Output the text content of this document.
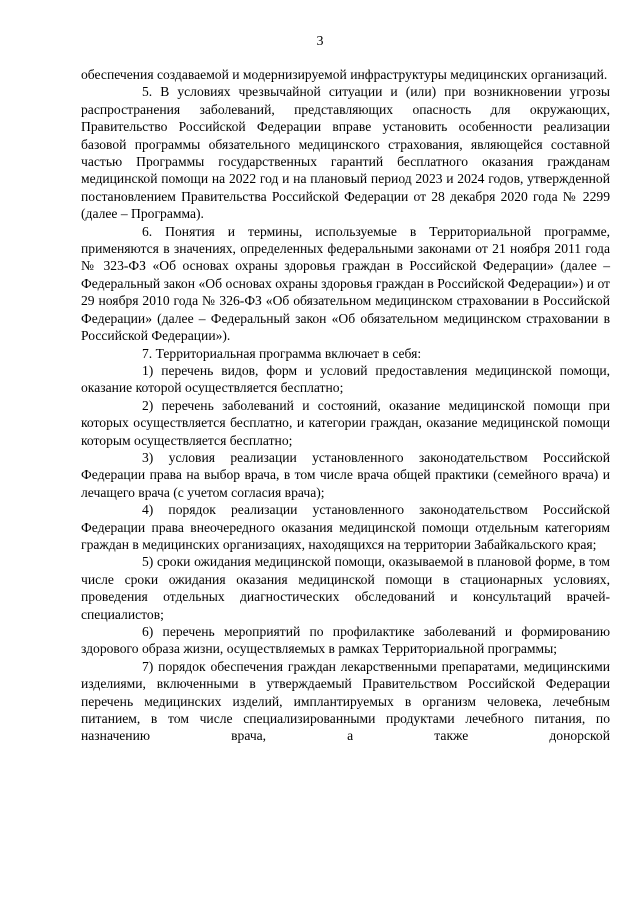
3

обеспечения создаваемой и модернизируемой инфраструктуры медицинских организаций.

5. В условиях чрезвычайной ситуации и (или) при возникновении угрозы распространения заболеваний, представляющих опасность для окружающих, Правительство Российской Федерации вправе установить особенности реализации базовой программы обязательного медицинского страхования, являющейся составной частью Программы государственных гарантий бесплатного оказания гражданам медицинской помощи на 2022 год и на плановый период 2023 и 2024 годов, утвержденной постановлением Правительства Российской Федерации от 28 декабря 2020 года № 2299 (далее – Программа).

6. Понятия и термины, используемые в Территориальной программе, применяются в значениях, определенных федеральными законами от 21 ноября 2011 года № 323-ФЗ «Об основах охраны здоровья граждан в Российской Федерации» (далее – Федеральный закон «Об основах охраны здоровья граждан в Российской Федерации») и от 29 ноября 2010 года № 326-ФЗ «Об обязательном медицинском страховании в Российской Федерации» (далее – Федеральный закон «Об обязательном медицинском страховании в Российской Федерации»).

7. Территориальная программа включает в себя:

1) перечень видов, форм и условий предоставления медицинской помощи, оказание которой осуществляется бесплатно;

2) перечень заболеваний и состояний, оказание медицинской помощи при которых осуществляется бесплатно, и категории граждан, оказание медицинской помощи которым осуществляется бесплатно;

3) условия реализации установленного законодательством Российской Федерации права на выбор врача, в том числе врача общей практики (семейного врача) и лечащего врача (с учетом согласия врача);

4) порядок реализации установленного законодательством Российской Федерации права внеочередного оказания медицинской помощи отдельным категориям граждан в медицинских организациях, находящихся на территории Забайкальского края;

5) сроки ожидания медицинской помощи, оказываемой в плановой форме, в том числе сроки ожидания оказания медицинской помощи в стационарных условиях, проведения отдельных диагностических обследований и консультаций врачей-специалистов;

6) перечень мероприятий по профилактике заболеваний и формированию здорового образа жизни, осуществляемых в рамках Территориальной программы;

7) порядок обеспечения граждан лекарственными препаратами, медицинскими изделиями, включенными в утверждаемый Правительством Российской Федерации перечень медицинских изделий, имплантируемых в организм человека, лечебным питанием, в том числе специализированными продуктами лечебного питания, по назначению врача, а также донорской
